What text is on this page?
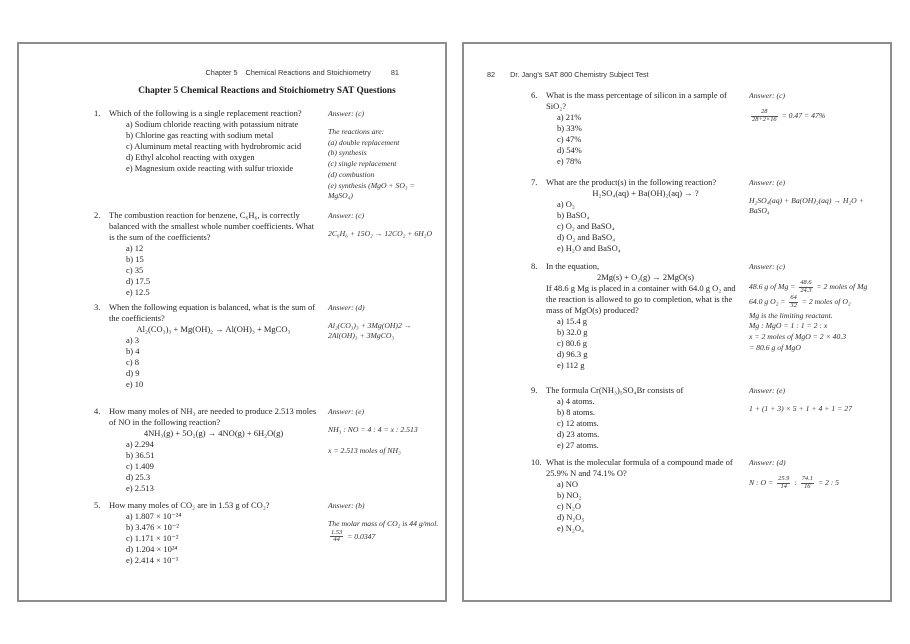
Chapter 5 Chemical Reactions and Stoichiometry	81
Chapter 5 Chemical Reactions and Stoichiometry SAT Questions
1.	Which of the following is a single replacement reaction?
a) Sodium chloride reacting with potassium nitrate
b) Chlorine gas reacting with sodium metal
c) Aluminum metal reacting with hydrobromic acid
d) Ethyl alcohol reacting with oxygen
e) Magnesium oxide reacting with sulfur trioxide
Answer: (c)
The reactions are:
(a) double replacement
(b) synthesis
(c) single replacement
(d) combustion
(e) synthesis (MgO + SO₃ = MgSO₄)
2.	The combustion reaction for benzene, C₆H₆, is correctly balanced with the smallest whole number coefficients. What is the sum of the coefficients?
a) 12
b) 15
c) 35
d) 17.5
e) 12.5
Answer: (c)
2C₆H₆ + 15O₂ → 12CO₂ + 6H₂O
3.	When the following equation is balanced, what is the sum of the coefficients?
Al₂(CO₃)₃ + Mg(OH)₂ → Al(OH)₃ + MgCO₃
a) 3
b) 4
c) 8
d) 9
e) 10
Answer: (d)
Al₂(CO₃)₃ + 3Mg(OH)2 → 2Al(OH)₃ + 3MgCO₃
4.	How many moles of NH₃ are needed to produce 2.513 moles of NO in the following reaction?
4NH₃(g) + 5O₂(g) → 4NO(g) + 6H₂O(g)
a) 2.294
b) 36.51
c) 1.409
d) 25.3
e) 2.513
Answer: (e)
NH₃ : NO = 4 : 4 = x : 2.513

x = 2.513 moles of NH₃
5.	How many moles of CO₂ are in 1.53 g of CO₂?
a) 1.807 × 10⁻²⁴
b) 3.476 × 10⁻²
c) 1.171 × 10⁻²
d) 1.204 × 10²⁴
e) 2.414 × 10⁻¹
Answer: (b)
The molar mass of CO₂ is 44 g/mol.
$\frac{1.53}{44} = 0.0347$
82 Dr. Jang’s SAT 800 Chemistry Subject Test
6.	What is the mass percentage of silicon in a sample of SiO₂?
a) 21%
b) 33%
c) 47%
d) 54%
e) 78%
Answer: (c)
$\frac{28}{28+2\times 16} = 0.47 = 47\%$
7.	What are the product(s) in the following reaction?
H₂SO₄(aq) + Ba(OH)₂(aq) → ?
a) O₂
b) BaSO₄
c) O₂ and BaSO₄
d) O₂ and BaSO₄
e) H₂O and BaSO₄
Answer: (e)
H₂SO₄(aq) + Ba(OH)₂(aq) → H₂O + BaSO₄
8.	In the equation,
2Mg(s) + O₂(g) → 2MgO(s)
If 48.6 g Mg is placed in a container with 64.0 g O₂ and the reaction is allowed to go to completion, what is the mass of MgO(s) produced?
a) 15.4 g
b) 32.0 g
c) 80.6 g
d) 96.3 g
e) 112 g
Answer: (c)
48.6 g of $Mg = \frac{48.6}{24.3} = 2$ moles of Mg
64.0 g $O_2 = \frac{64}{32} = 2$ moles of O₂
Mg is the limiting reactant.
Mg : MgO = 1 : 1 = 2 : x
x = 2 moles of MgO = 2 × 40.3
= 80.6 g of MgO
9.	The formula Cr(NH₃)₅SO₄Br consists of
a) 4 atoms.
b) 8 atoms.
c) 12 atoms.
d) 23 atoms.
e) 27 atoms.
Answer: (e)
1 + (1 + 3) × 5 + 1 + 4 + 1 = 27
10. What is the molecular formula of a compound made of 25.9% N and 74.1% O?
a) NO
b) NO₂
c) N₂O
d) N₂O₅
e) N₂O₄
Answer: (d)
N : $O = \frac{25.9}{14}$ : $\frac{74.1}{16} = 2$ : 5
